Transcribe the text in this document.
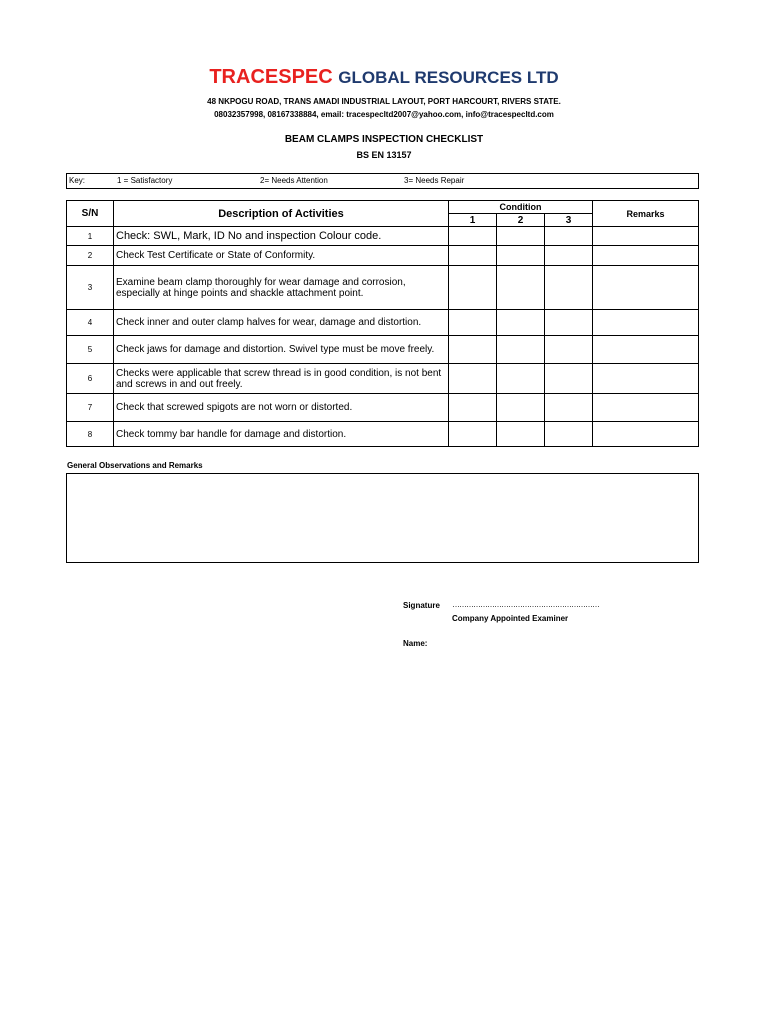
TRACESPEC GLOBAL RESOURCES LTD
48 NKPOGU ROAD, TRANS AMADI INDUSTRIAL LAYOUT, PORT HARCOURT, RIVERS STATE.
08032357998, 08167338884, email: tracespecltd2007@yahoo.com, info@tracespecltd.com
BEAM CLAMPS INSPECTION CHECKLIST
BS EN 13157
Key:	1 = Satisfactory	2= Needs Attention	3= Needs Repair
S/N	Description of Activities	Condition			Remarks
		1	2	3	
1	Check: SWL, Mark, ID No and inspection Colour code.				
2	Check Test Certificate or State of Conformity.				
3	Examine beam clamp thoroughly for wear damage and corrosion, especially at hinge points and shackle attachment point.				
4	Check inner and outer clamp halves for wear, damage and distortion.				
5	Check jaws for damage and distortion. Swivel type must be move freely.				
6	Checks were applicable that screw thread is in good condition, is not bent and screws in and out freely.				
7	Check that screwed spigots are not worn or distorted.				
8	Check tommy bar handle for damage and distortion.				
General Observations and Remarks
Signature ………………………………………………………
Company Appointed Examiner
Name:
